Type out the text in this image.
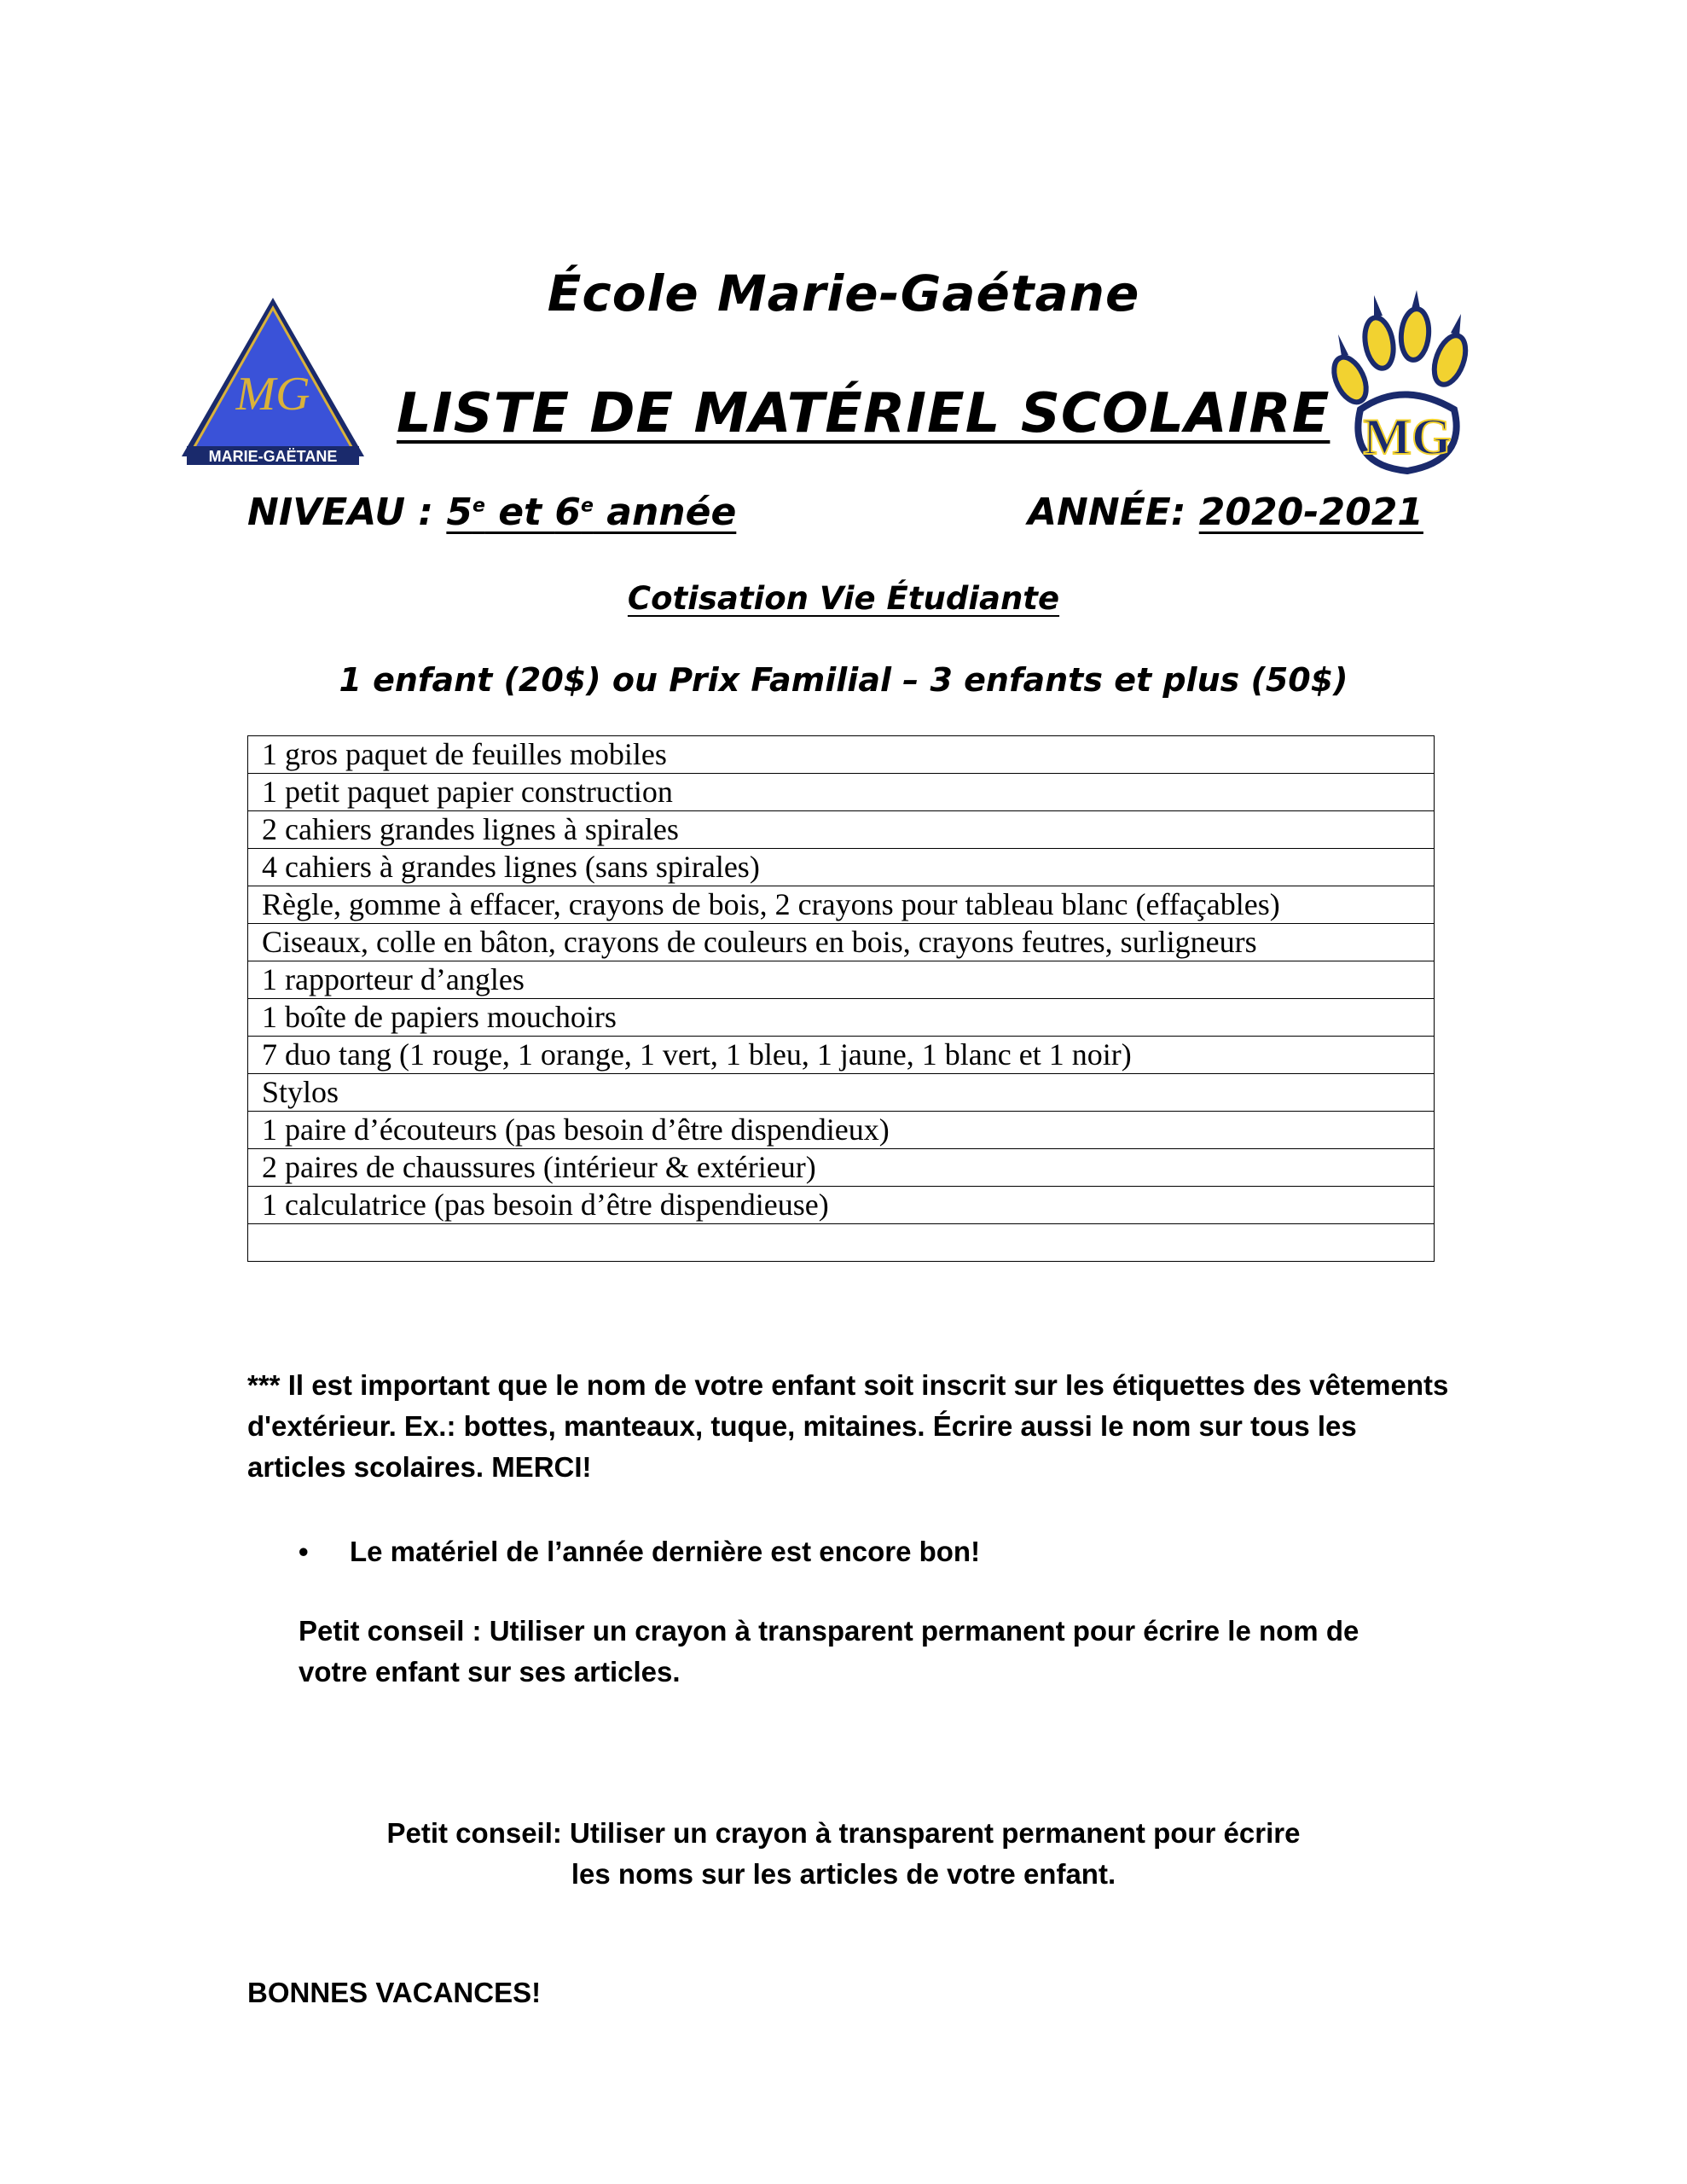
MG
MARIE-GAËTANE
École Marie-Gaétane
LISTE DE MATÉRIEL SCOLAIRE MG
NIVEAU : 5e et 6e année	ANNÉE: 2020-2021
Cotisation Vie Étudiante
1 enfant (20$) ou Prix Familial – 3 enfants et plus (50$)
1 gros paquet de feuilles mobiles
1 petit paquet papier construction
2 cahiers grandes lignes à spirales
4 cahiers à grandes lignes (sans spirales)
Règle, gomme à effacer, crayons de bois, 2 crayons pour tableau blanc (effaçables)
Ciseaux, colle en bâton, crayons de couleurs en bois, crayons feutres, surligneurs
1 rapporteur d’angles
1 boîte de papiers mouchoirs
7 duo tang (1 rouge, 1 orange, 1 vert, 1 bleu, 1 jaune, 1 blanc et 1 noir)
Stylos
1 paire d’écouteurs (pas besoin d’être dispendieux)
2 paires de chaussures (intérieur & extérieur)
1 calculatrice (pas besoin d’être dispendieuse)

*** Il est important que le nom de votre enfant soit inscrit sur les étiquettes des vêtements d'extérieur. Ex.: bottes, manteaux, tuque, mitaines. Écrire aussi le nom sur tous les articles scolaires. MERCI!
• Le matériel de l’année dernière est encore bon!
Petit conseil : Utiliser un crayon à transparent permanent pour écrire le nom de votre enfant sur ses articles.
Petit conseil: Utiliser un crayon à transparent permanent pour écrire
les noms sur les articles de votre enfant.
BONNES VACANCES!
